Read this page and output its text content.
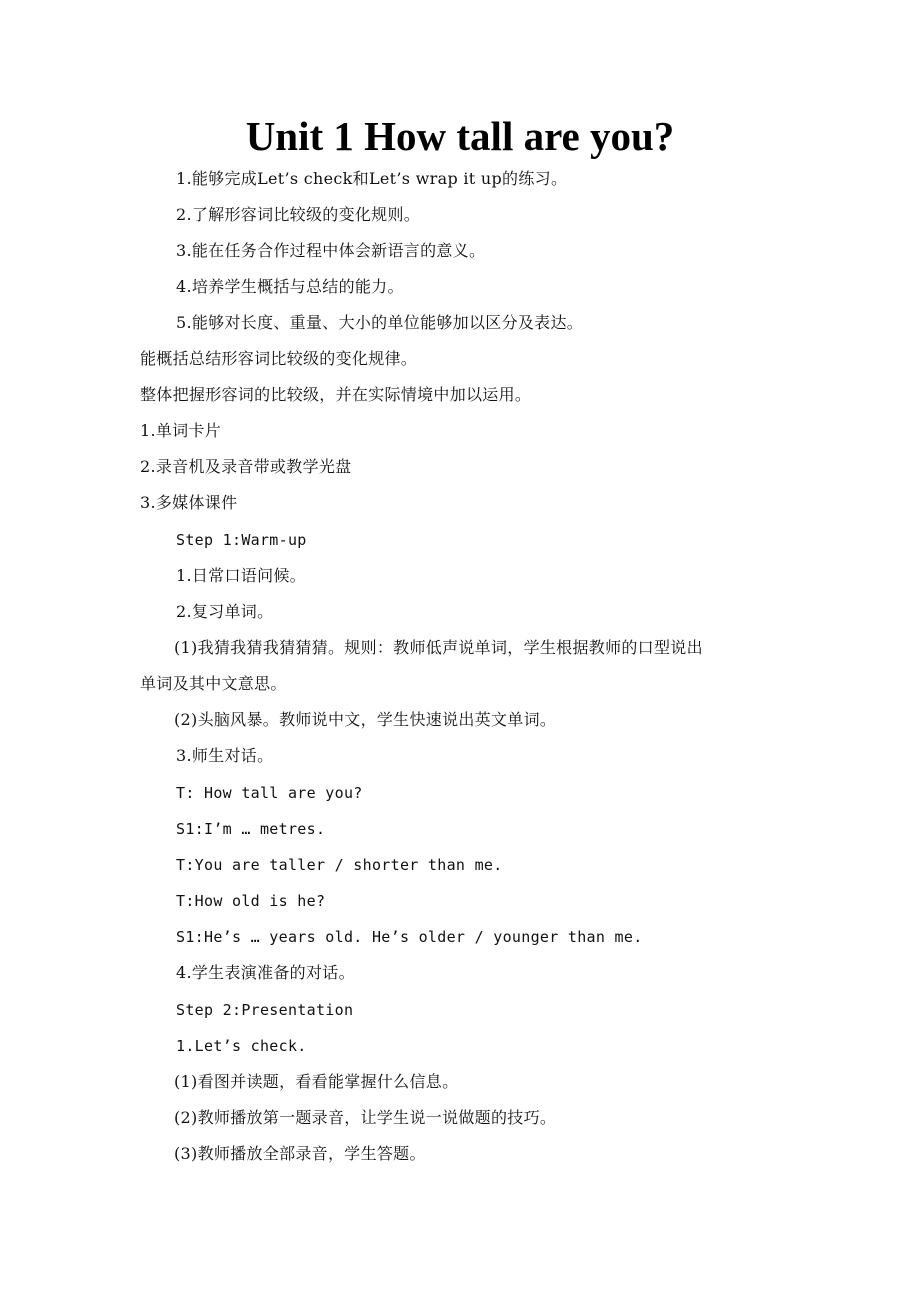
Unit 1 How tall are you?
1.能够完成Let’s check和Let’s wrap it up的练习。
2.了解形容词比较级的变化规则。
3.能在任务合作过程中体会新语言的意义。
4.培养学生概括与总结的能力。
5.能够对长度、重量、大小的单位能够加以区分及表达。
能概括总结形容词比较级的变化规律。
整体把握形容词的比较级，并在实际情境中加以运用。
1.单词卡片
2.录音机及录音带或教学光盘
3.多媒体课件
Step 1:Warm-up
1.日常口语问候。
2.复习单词。
(1)我猜我猜我猜猜猜。规则：教师低声说单词，学生根据教师的口型说出
单词及其中文意思。
(2)头脑风暴。教师说中文，学生快速说出英文单词。
3.师生对话。
T: How tall are you?
S1:I’m … metres.
T:You are taller / shorter than me.
T:How old is he?
S1:He’s … years old. He’s older / younger than me.
4.学生表演准备的对话。
Step 2:Presentation
1.Let’s check.
(1)看图并读题，看看能掌握什么信息。
(2)教师播放第一题录音，让学生说一说做题的技巧。
(3)教师播放全部录音，学生答题。
